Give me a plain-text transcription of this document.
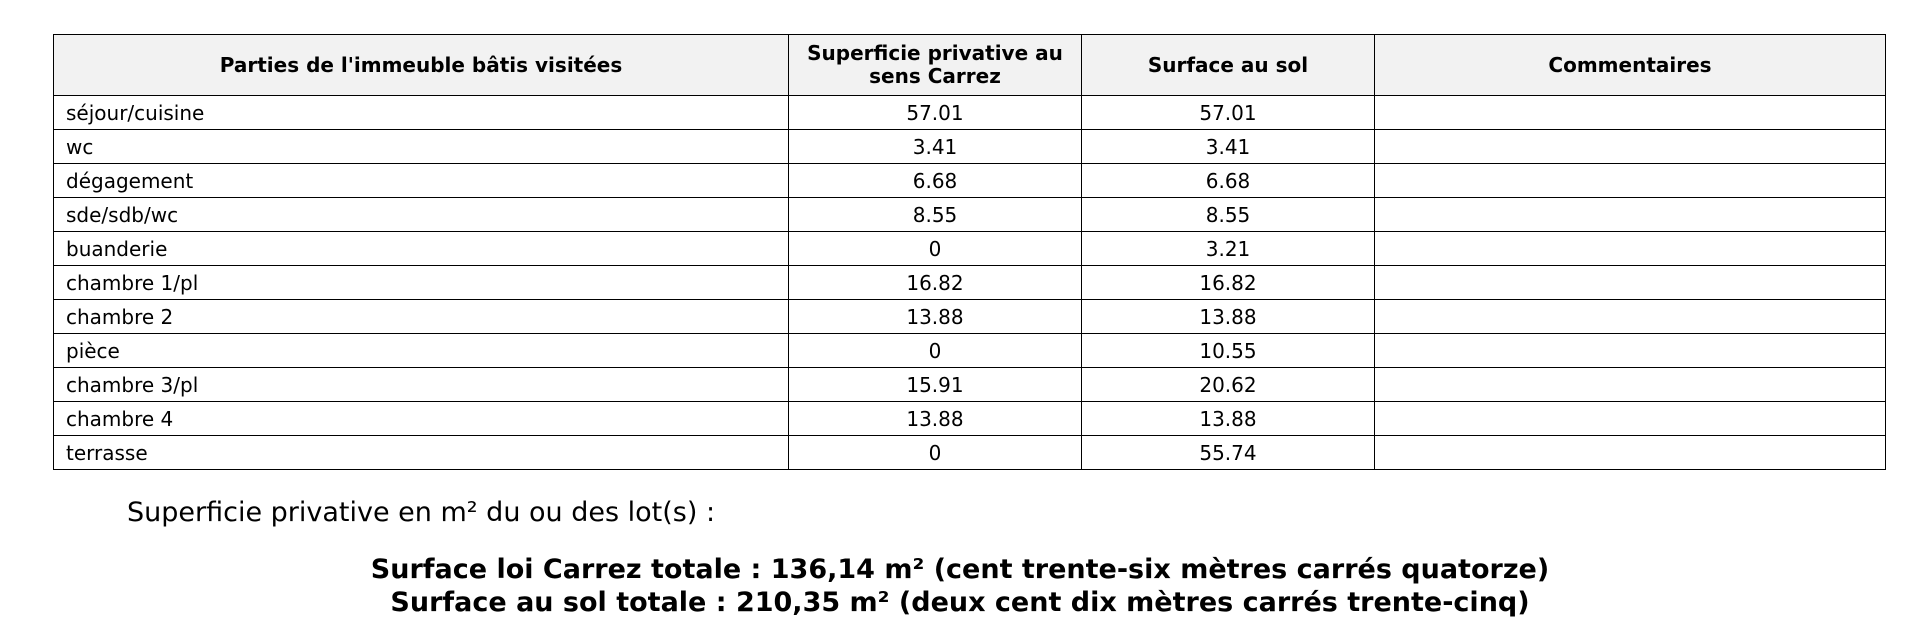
Parties de l'immeuble bâtis visitées	Superficie privative au sens Carrez	Surface au sol	Commentaires
séjour/cuisine	57.01	57.01	
wc	3.41	3.41	
dégagement	6.68	6.68	
sde/sdb/wc	8.55	8.55	
buanderie	0	3.21	
chambre 1/pl	16.82	16.82	
chambre 2	13.88	13.88	
pièce	0	10.55	
chambre 3/pl	15.91	20.62	
chambre 4	13.88	13.88	
terrasse	0	55.74	

Superficie privative en m² du ou des lot(s) :

Surface loi Carrez totale : 136,14 m² (cent trente-six mètres carrés quatorze)
Surface au sol totale : 210,35 m² (deux cent dix mètres carrés trente-cinq)
